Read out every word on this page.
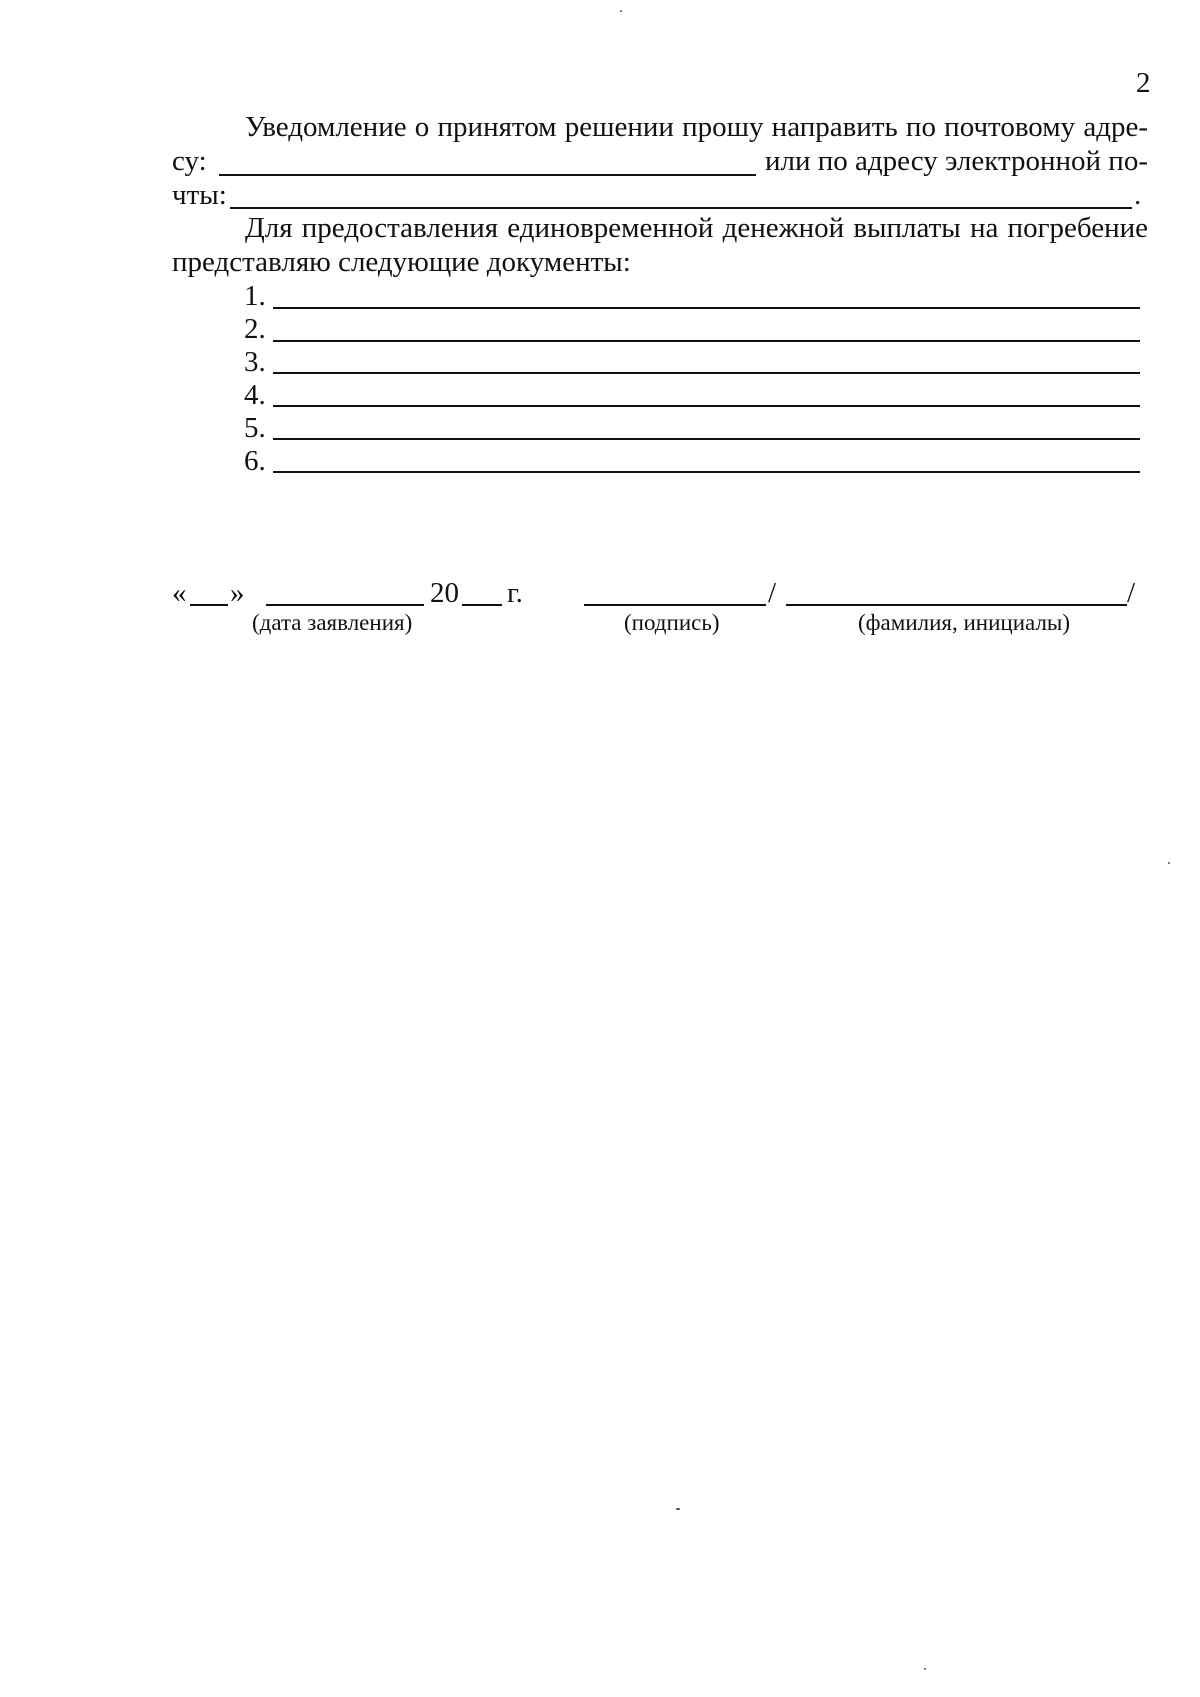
2
Уведомление о принятом решении прошу направить по почтовому адре-
су:	или по адресу электронной по-
чты:	.
Для предоставления единовременной денежной выплаты на погребение
представляю следующие документы:
1.
2.
3.
4.
5.
6.
« »	20 г.	/	/
(дата заявления)	(подпись)	(фамилия, инициалы)
